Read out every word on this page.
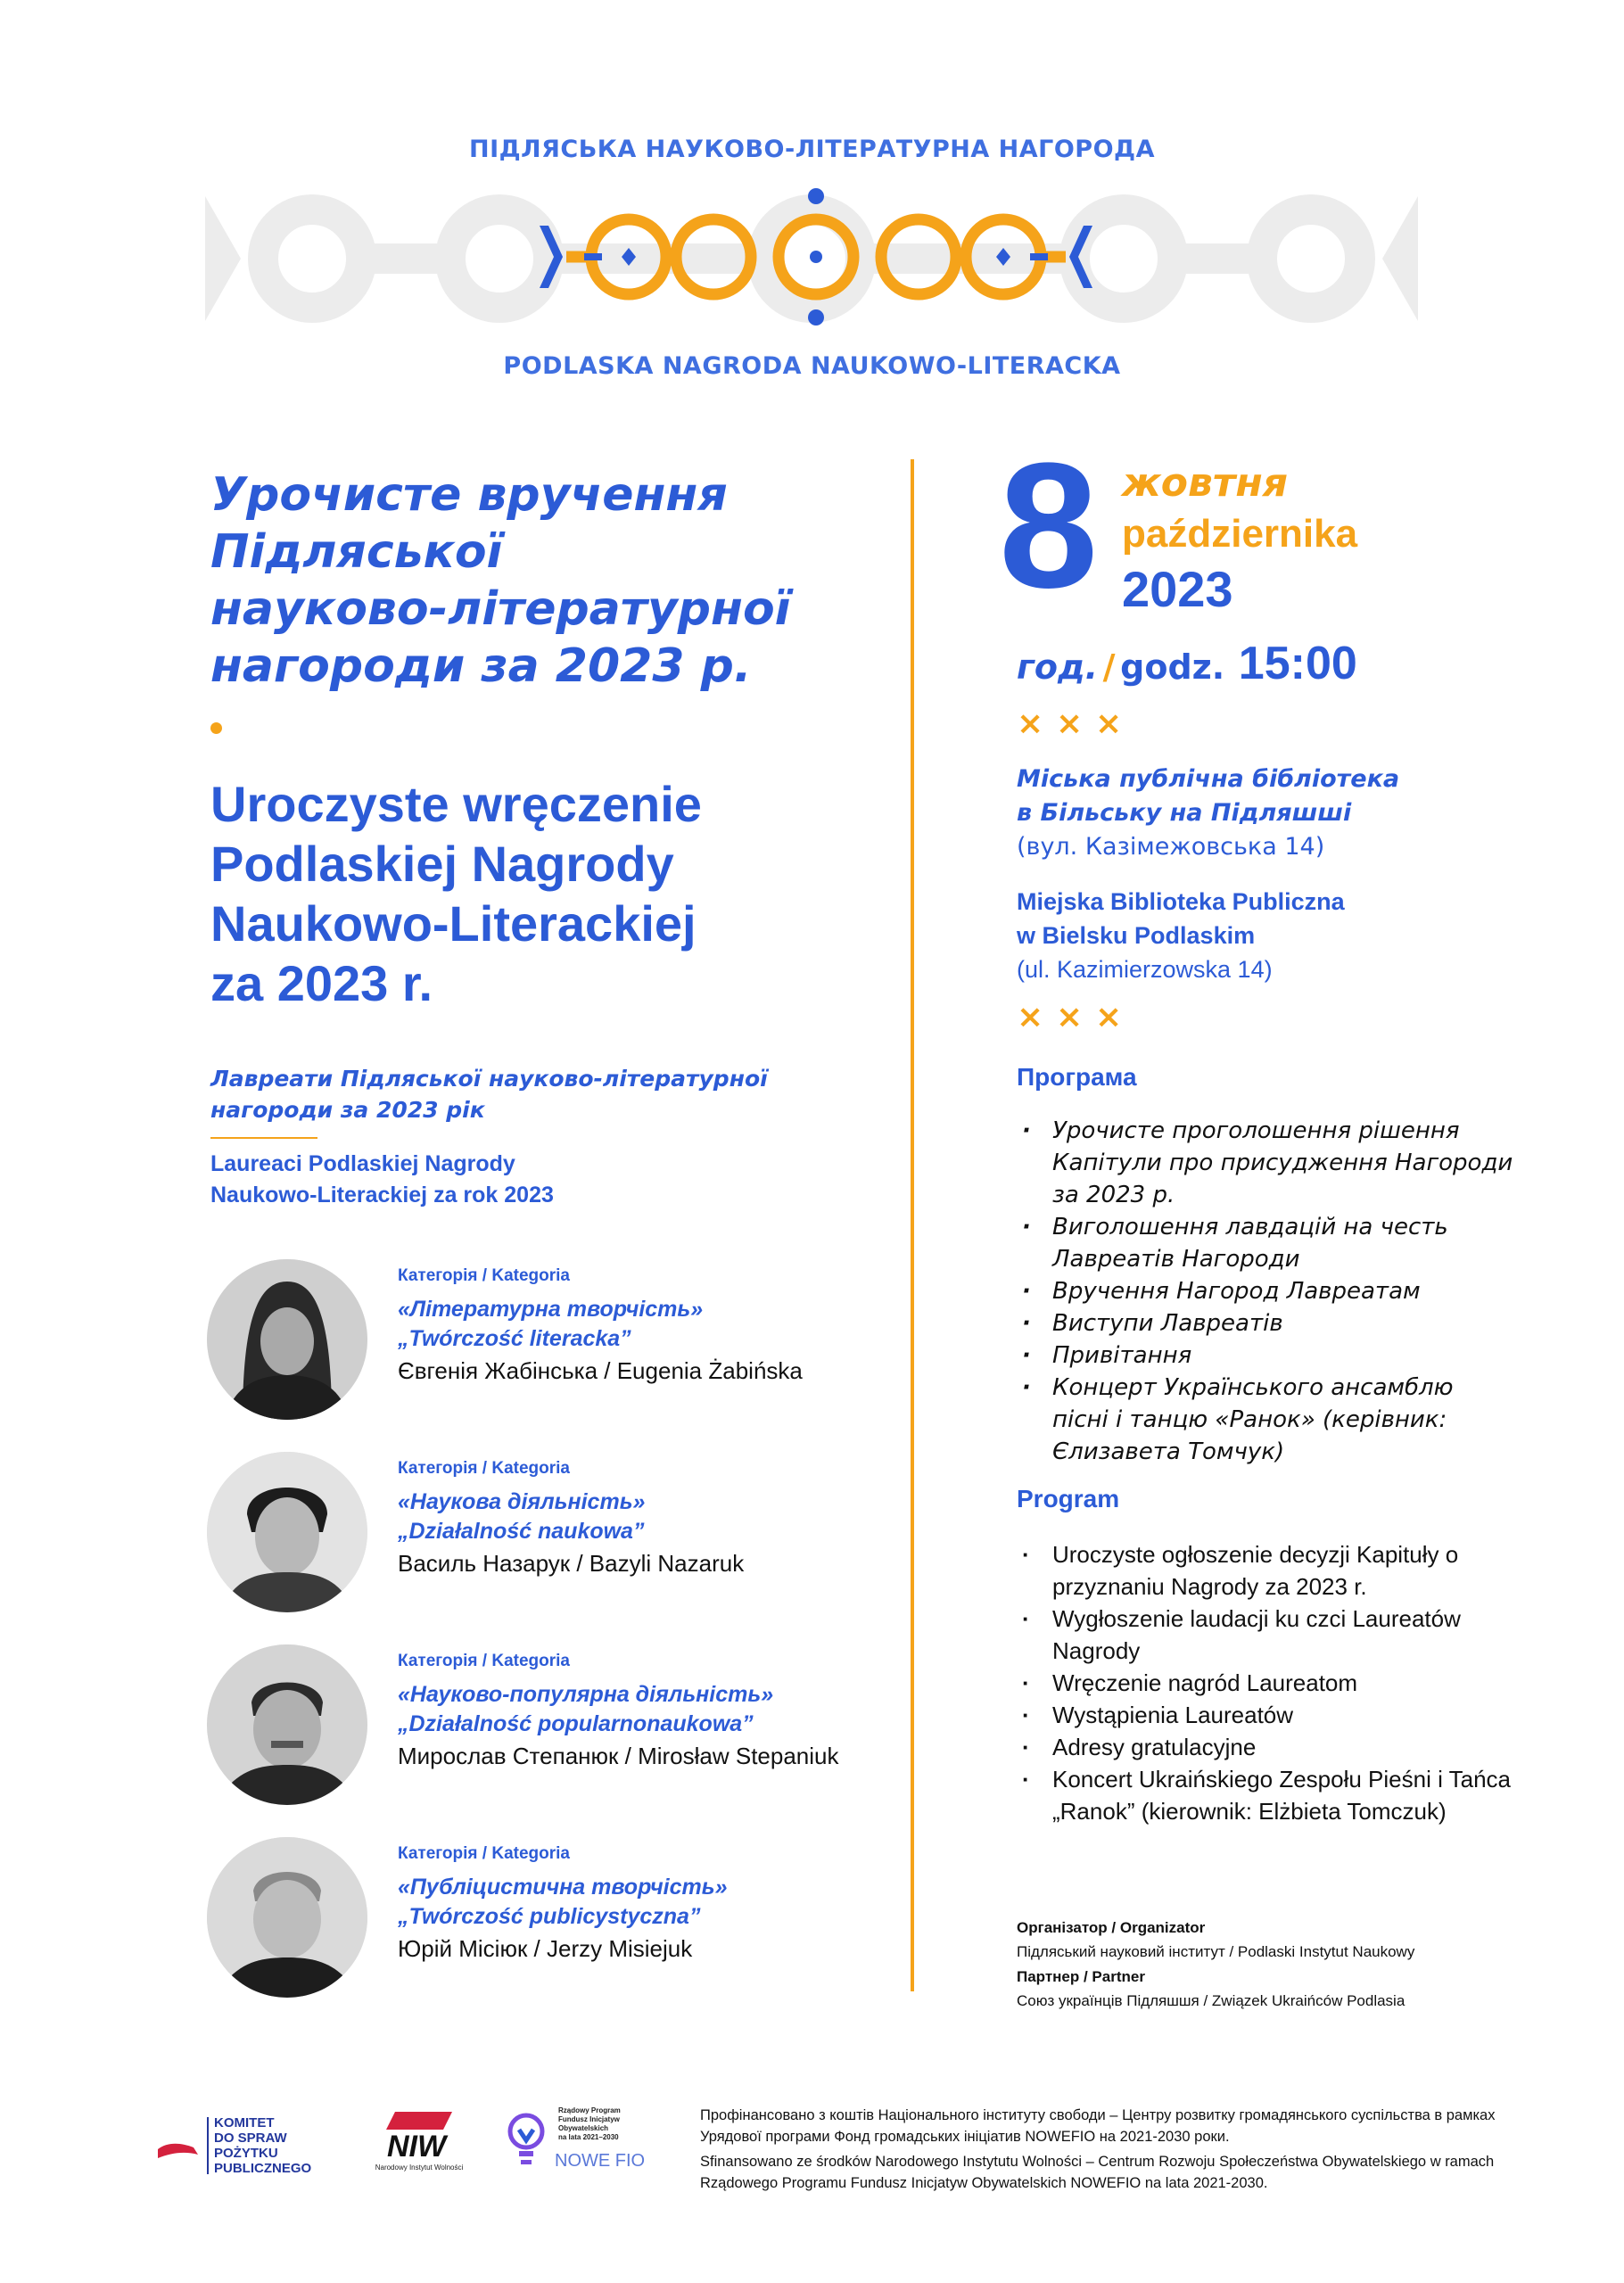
ПІДЛЯСЬКА НАУКОВО-ЛІТЕРАТУРНА НАГОРОДА
PODLASKA NAGRODA NAUKOWO-LITERACKA
Урочисте вручення
Підляської
науково-літературної
нагороди за 2023 р.
Uroczyste wręczenie
Podlaskiej Nagrody
Naukowo-Literackiej
za 2023 r.
Лавреати Підляської науково-літературної
нагороди за 2023 рік
Laureaci Podlaskiej Nagrody
Naukowo-Literackiej za rok 2023
Категорія / Kategoria
«Літературна творчість»
„Twórczość literacka”
Євгенія Жабінська / Eugenia Żabińska
Категорія / Kategoria
«Наукова діяльність»
„Działalność naukowa”
Василь Назарук / Bazyli Nazaruk
Категорія / Kategoria
«Науково-популярна діяльність»
„Działalność popularnonaukowa”
Мирослав Степанюк / Mirosław Stepaniuk
Категорія / Kategoria
«Публіцистична творчість»
„Twórczość publicystyczna”
Юрій Місіюк / Jerzy Misiejuk
8 жовтня
października
2023
год. / godz. 15:00
× × ×
Міська публічна бібліотека
в Більську на Підляшші
(вул. Казімежовська 14)
Miejska Biblioteka Publiczna
w Bielsku Podlaskim
(ul. Kazimierzowska 14)
× × ×
Програма
· Урочисте проголошення рішення Капітули про присудження Нагороди за 2023 р.
· Виголошення лавдацій на честь Лавреатів Нагороди
· Вручення Нагород Лавреатам
· Виступи Лавреатів
· Привітання
· Концерт Українського ансамблю пісні і танцю «Ранок» (керівник: Єлизавета Томчук)
Program
· Uroczyste ogłoszenie decyzji Kapituły o przyznaniu Nagrody za 2023 r.
· Wygłoszenie laudacji ku czci Laureatów Nagrody
· Wręczenie nagród Laureatom
· Wystąpienia Laureatów
· Adresy gratulacyjne
· Koncert Ukraińskiego Zespołu Pieśni i Tańca „Ranok” (kierownik: Elżbieta Tomczuk)
Організатор / Organizator
Підляський науковий інститут / Podlaski Instytut Naukowy
Партнер / Partner
Союз українців Підляшшя / Związek Ukraińców Podlasia
KOMITET
DO SPRAW
POŻYTKU
PUBLICZNEGO
NIW
Narodowy Instytut Wolności
Rządowy Program
Fundusz Inicjatyw
Obywatelskich
na lata 2021–2030
NOWE FIO

Профінансовано з коштів Національного інституту свободи – Центру розвитку громадянського суспільства в рамках Урядової програми Фонд громадських ініціатив NOWEFIO на 2021-2030 роки.

Sfinansowano ze środków Narodowego Instytutu Wolności – Centrum Rozwoju Społeczeństwa Obywatelskiego w ramach Rządowego Programu Fundusz Inicjatyw Obywatelskich NOWEFIO na lata 2021-2030.
